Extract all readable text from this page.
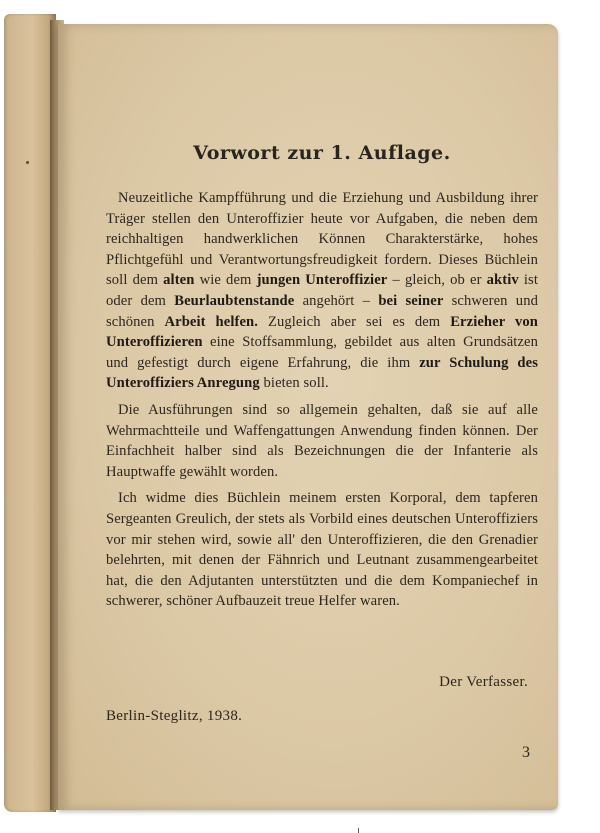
Vorwort zur 1. Auflage.

Neuzeitliche Kampfführung und die Erziehung und Ausbildung ihrer Träger stellen den Unteroffizier heute vor Aufgaben, die neben dem reichhaltigen handwerklichen Können Charakterstärke, hohes Pflichtgefühl und Verantwortungsfreudigkeit fordern. Dieses Büchlein soll dem alten wie dem jungen Unteroffizier – gleich, ob er aktiv ist oder dem Beurlaubtenstande angehört – bei seiner schweren und schönen Arbeit helfen. Zugleich aber sei es dem Erzieher von Unteroffizieren eine Stoffsammlung, gebildet aus alten Grundsätzen und gefestigt durch eigene Erfahrung, die ihm zur Schulung des Unteroffiziers Anregung bieten soll.

Die Ausführungen sind so allgemein gehalten, daß sie auf alle Wehrmachtteile und Waffengattungen Anwendung finden können. Der Einfachheit halber sind als Bezeichnungen die der Infanterie als Hauptwaffe gewählt worden.

Ich widme dies Büchlein meinem ersten Korporal, dem tapferen Sergeanten Greulich, der stets als Vorbild eines deutschen Unteroffiziers vor mir stehen wird, sowie all' den Unteroffizieren, die den Grenadier belehrten, mit denen der Fähnrich und Leutnant zusammengearbeitet hat, die den Adjutanten unterstützten und die dem Kompaniechef in schwerer, schöner Aufbauzeit treue Helfer waren.

Der Verfasser.
Berlin-Steglitz, 1938.
3
